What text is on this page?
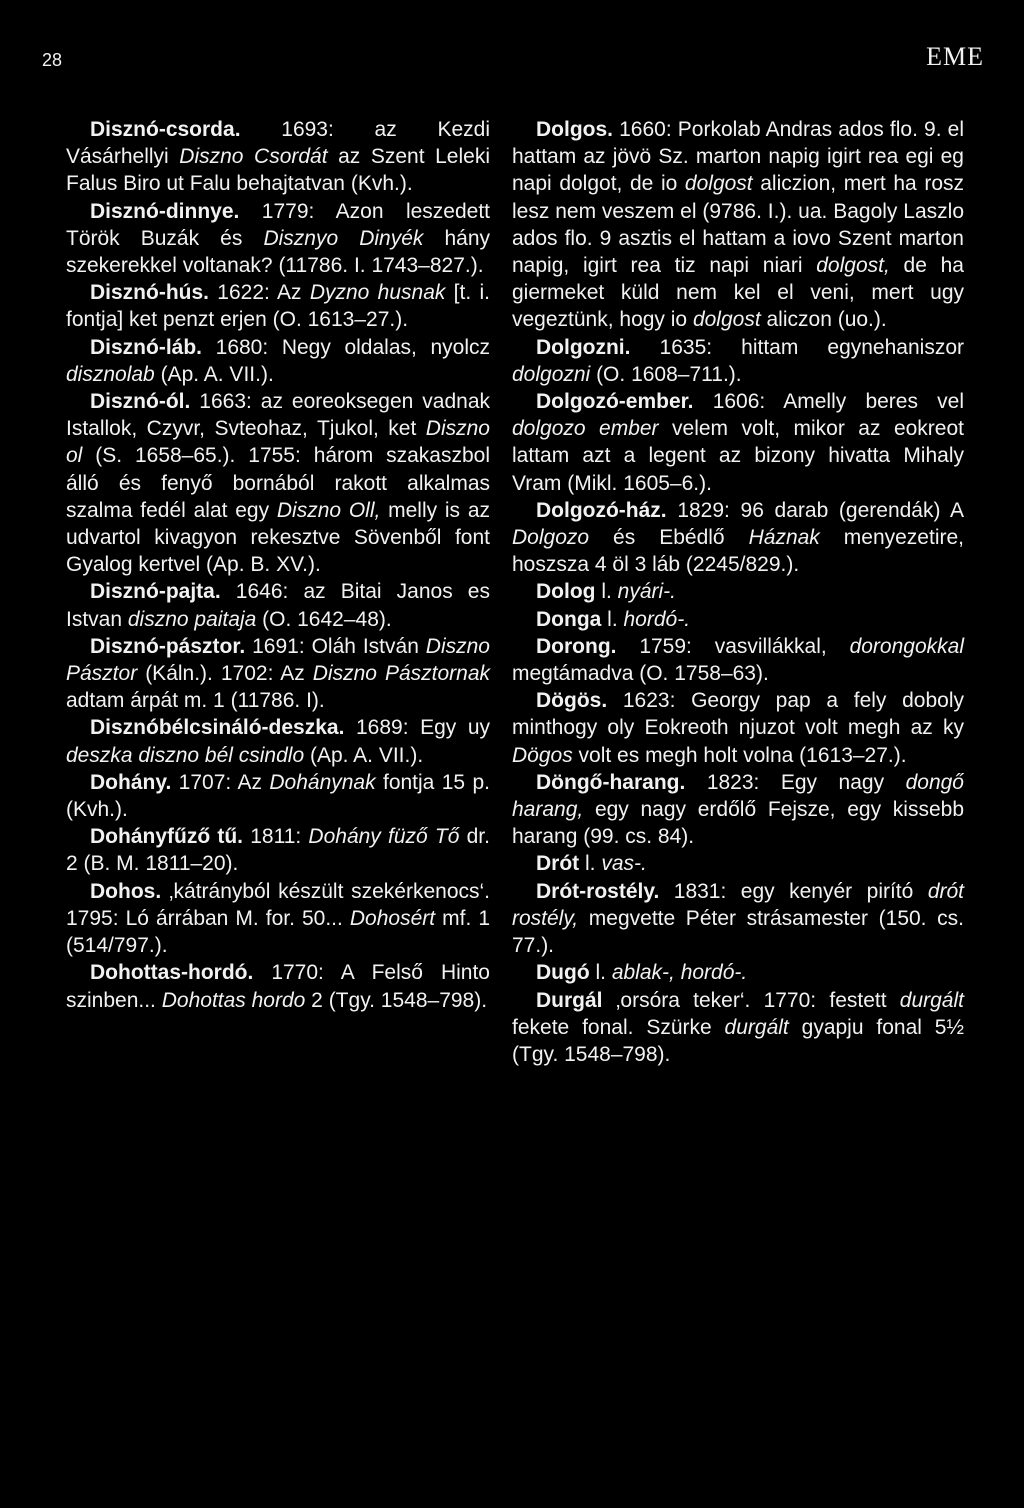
28	EME

Disznó-csorda. 1693: az Kezdi Vásárhellyi Diszno Csordát az Szent Leleki Falus Biro ut Falu behajtatvan (Kvh.).

Disznó-dinnye. 1779: Azon leszedett Török Buzák és Disznyo Dinyék hány szekerekkel voltanak? (11786. I. 1743–827.).

Disznó-hús. 1622: Az Dyzno husnak [t. i. fontja] ket penzt erjen (O. 1613–27.).

Disznó-láb. 1680: Negy oldalas, nyolcz disznolab (Ap. A. VII.).

Disznó-ól. 1663: az eoreoksegen vadnak Istallok, Czyvr, Svteohaz, Tjukol, ket Diszno ol (S. 1658–65.). 1755: három szakaszbol álló és fenyő bornából rakott alkalmas szalma fedél alat egy Diszno Oll, melly is az udvartol kivagyon rekesztve Sövenből font Gyalog kertvel (Ap. B. XV.).

Disznó-pajta. 1646: az Bitai Janos es Istvan diszno paitaja (O. 1642–48).

Disznó-pásztor. 1691: Oláh István Diszno Pásztor (Káln.). 1702: Az Diszno Pásztornak adtam árpát m. 1 (11786. I).

Disznóbélcsináló-deszka. 1689: Egy uy deszka diszno bél csindlo (Ap. A. VII.).

Dohány. 1707: Az Dohánynak fontja 15 p. (Kvh.).

Dohányfűző tű. 1811: Dohány füző Tő dr. 2 (B. M. 1811–20).

Dohos. ‚kátrányból készült szekérkenocs‘. 1795: Ló árrában M. for. 50... Dohosért mf. 1 (514/797.).

Dohottas-hordó. 1770: A Felső Hinto szinben... Dohottas hordo 2 (Tgy. 1548–798).

Dolgos. 1660: Porkolab Andras ados flo. 9. el hattam az jövö Sz. marton napig igirt rea egi eg napi dolgot, de io dolgost aliczion, mert ha rosz lesz nem veszem el (9786. I.). ua. Bagoly Laszlo ados flo. 9 asztis el hattam a iovo Szent marton napig, igirt rea tiz napi niari dolgost, de ha giermeket küld nem kel el veni, mert ugy vegeztünk, hogy io dolgost aliczon (uo.).

Dolgozni. 1635: hittam egynehaniszor dolgozni (O. 1608–711.).

Dolgozó-ember. 1606: Amelly beres vel dolgozo ember velem volt, mikor az eokreot lattam azt a legent az bizony hivatta Mihaly Vram (Mikl. 1605–6.).

Dolgozó-ház. 1829: 96 darab (gerendák) A Dolgozo és Ebédlő Háznak menyezetire, hoszsza 4 öl 3 láb (2245/829.).

Dolog l. nyári-.

Donga l. hordó-.

Dorong. 1759: vasvillákkal, dorongokkal megtámadva (O. 1758–63).

Dögös. 1623: Georgy pap a fely doboly minthogy oly Eokreoth njuzot volt megh az ky Dögos volt es megh holt volna (1613–27.).

Döngő-harang. 1823: Egy nagy dongő harang, egy nagy erdőlő Fejsze, egy kissebb harang (99. cs. 84).

Drót l. vas-.

Drót-rostély. 1831: egy kenyér pirító drót rostély, megvette Péter strásamester (150. cs. 77.).

Dugó l. ablak-, hordó-.

Durgál ‚orsóra teker‘. 1770: festett durgált fekete fonal. Szürke durgált gyapju fonal 5½ (Tgy. 1548–798).
